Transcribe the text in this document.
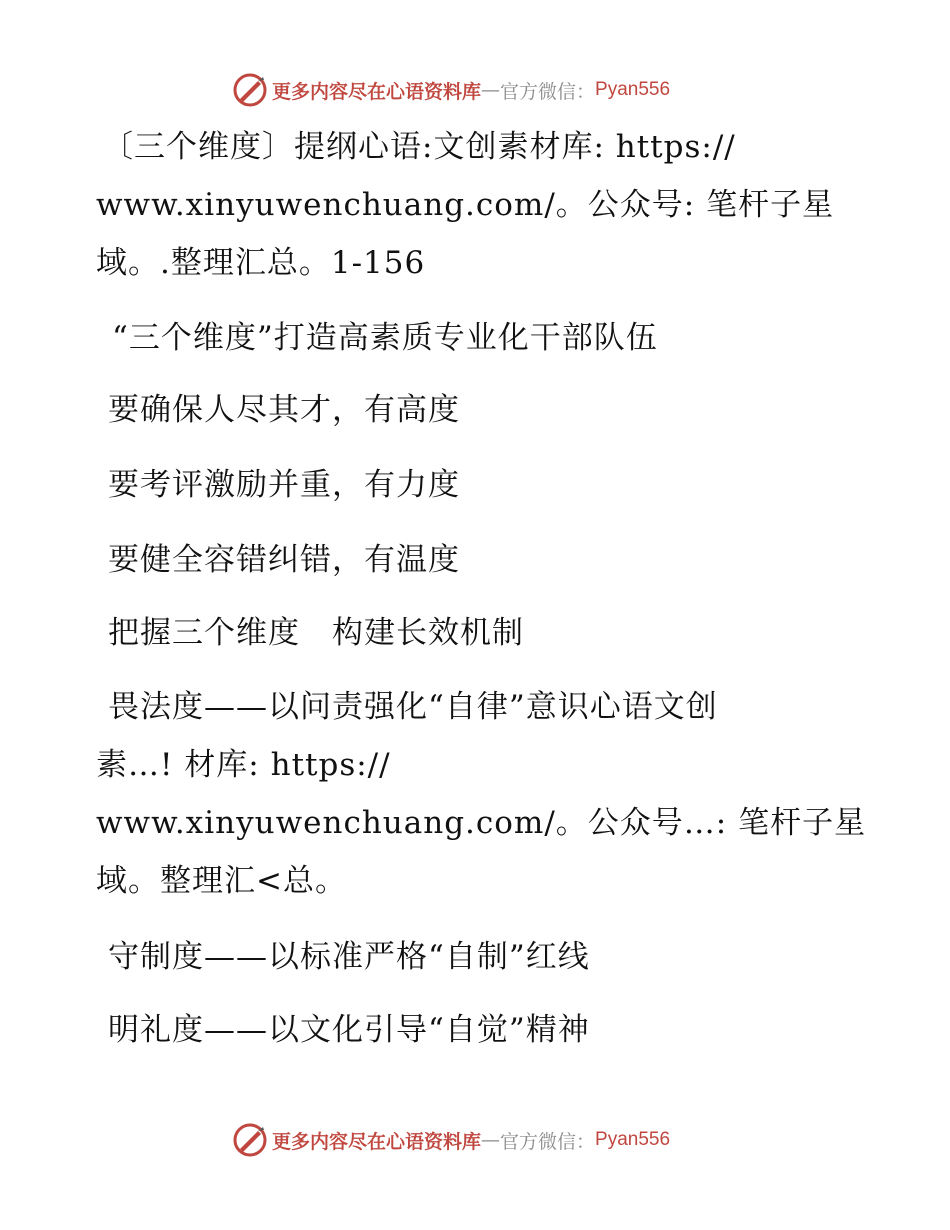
更多内容尽在心语资料库 — 官方微信： Pyan556
〔三个维度〕提纲心语:文创素材库: https://
www.xinyuwenchuang.com/。公众号: 笔杆子星
域。.整理汇总。1-156
“三个维度”打造高素质专业化干部队伍
要确保人尽其才，有高度
要考评激励并重，有力度
要健全容错纠错，有温度
把握三个维度　构建长效机制
畏法度——以问责强化“自律”意识心语文创
素…! 材库: https://
www.xinyuwenchuang.com/。公众号…: 笔杆子星
域。整理汇<总。
守制度——以标准严格“自制”红线
明礼度——以文化引导“自觉”精神
更多内容尽在心语资料库 — 官方微信： Pyan556
